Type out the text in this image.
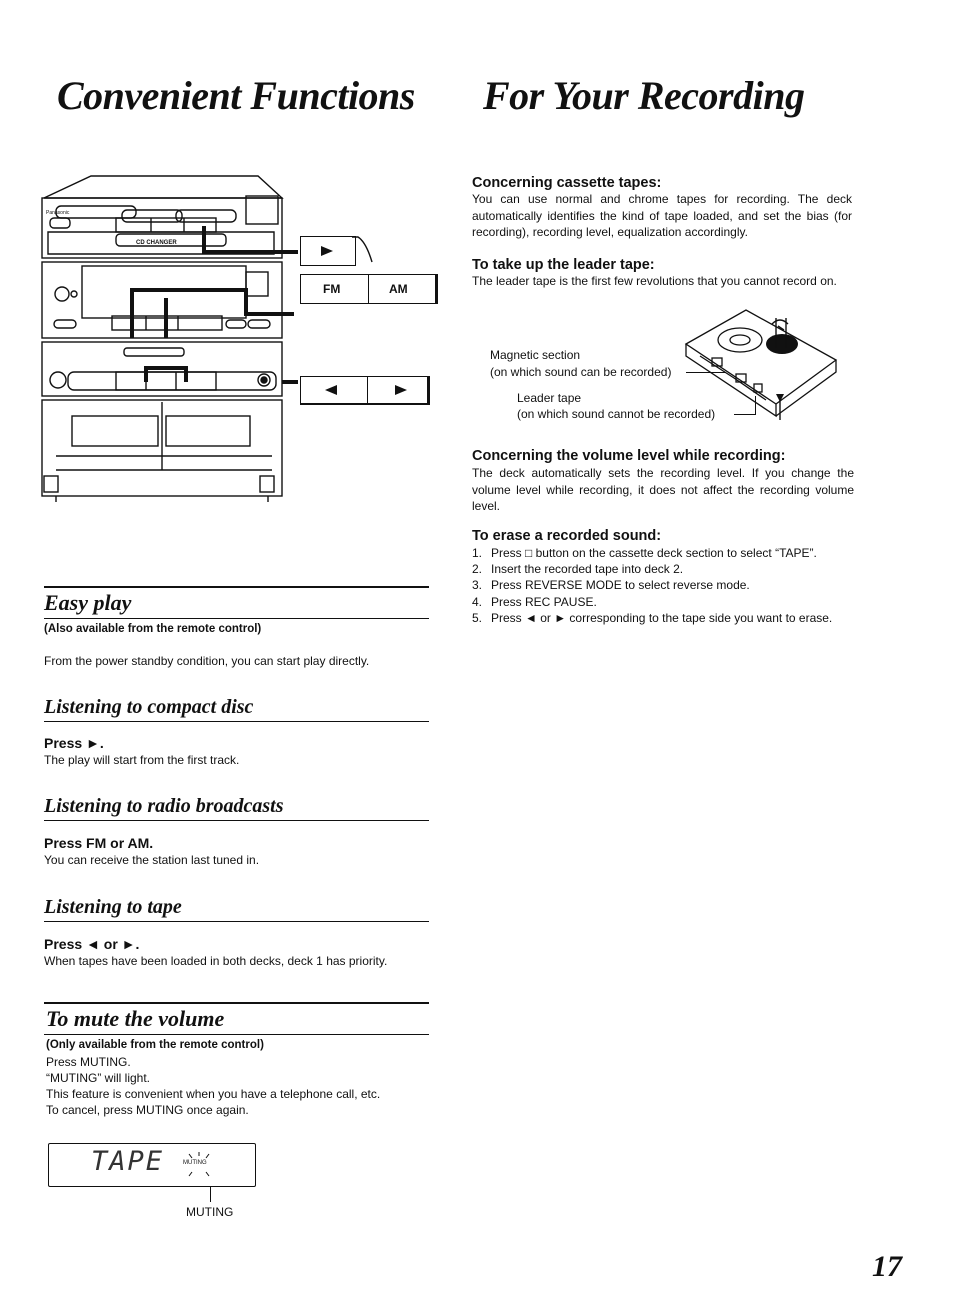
Convenient Functions For Your Recording
Panasonic
CD CHANGER
FM	AM
Easy play
(Also available from the remote control)
From the power standby condition, you can start play directly.
Listening to compact disc
Press ►.
The play will start from the first track.
Listening to radio broadcasts
Press FM or AM.
You can receive the station last tuned in.
Listening to tape
Press ◄ or ►.
When tapes have been loaded in both decks, deck 1 has priority.
To mute the volume
(Only available from the remote control)
Press MUTING.
“MUTING” will light.
This feature is convenient when you have a telephone call, etc.
To cancel, press MUTING once again.
TAPE	MUTING
MUTING
Concerning cassette tapes:
You can use normal and chrome tapes for recording. The deck automatically identifies the kind of tape loaded, and set the bias (for recording), recording level, equalization accordingly.
To take up the leader tape:
The leader tape is the first few revolutions that you cannot record on.
Magnetic section
(on which sound can be recorded)
Leader tape
(on which sound cannot be recorded)
Concerning the volume level while recording:
The deck automatically sets the recording level. If you change the volume level while recording, it does not affect the recording volume level.
To erase a recorded sound:
1. Press □ button on the cassette deck section to select “TAPE”.
2. Insert the recorded tape into deck 2.
3. Press REVERSE MODE to select reverse mode.
4. Press REC PAUSE.
5. Press ◄ or ► corresponding to the tape side you want to erase.
17
